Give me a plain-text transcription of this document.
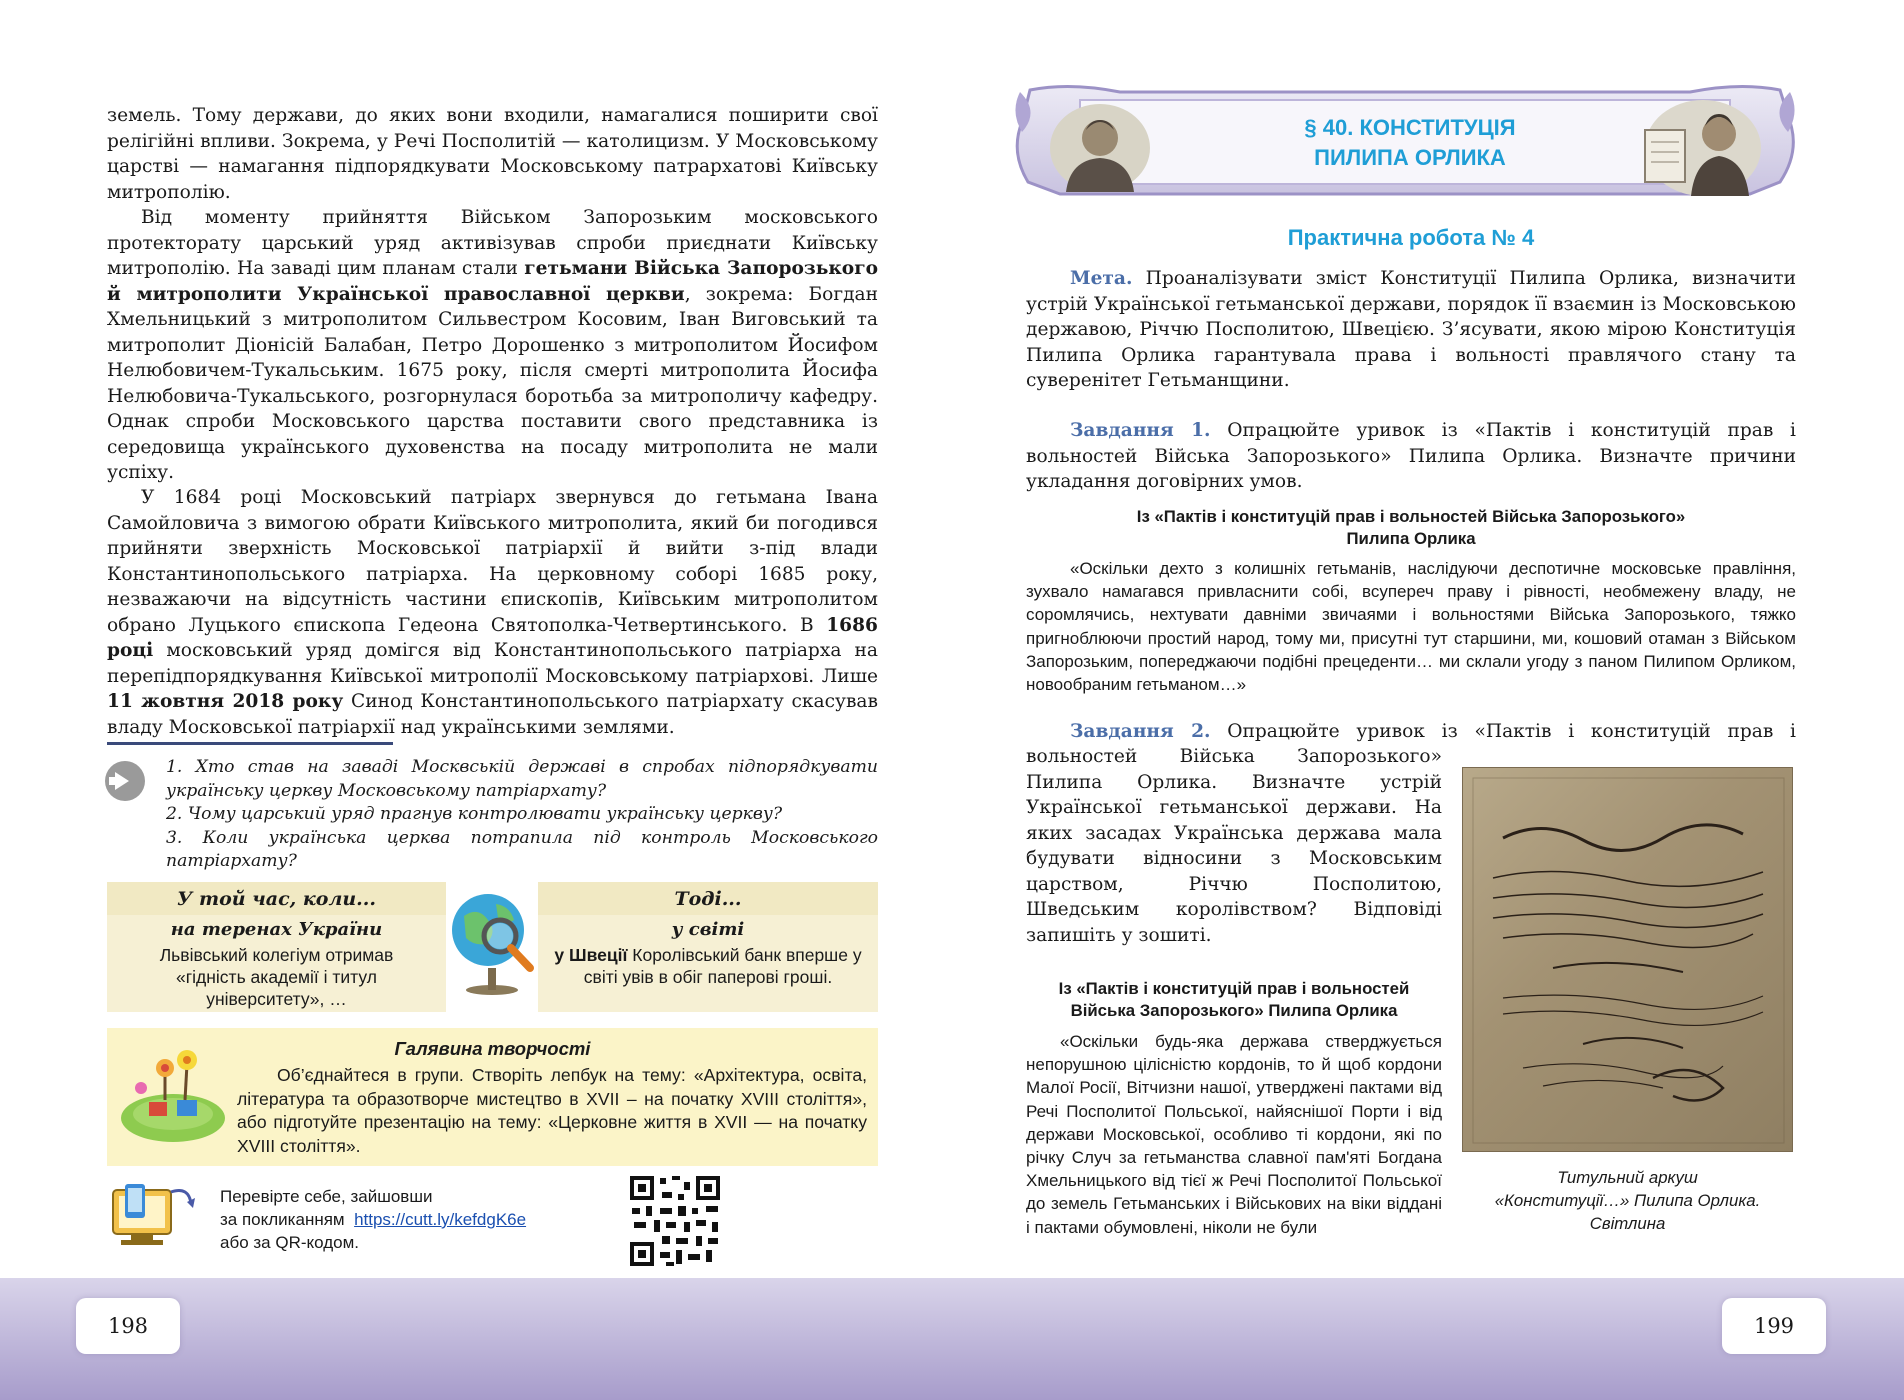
198	199
земель. Тому держави, до яких вони входили, намагалися поширити свої релігійні впливи. Зокрема, у Речі Посполитій — католицизм. У Московському царстві — намагання підпорядкувати Московському патрархатові Київську митрополію.
Від моменту прийняття Військом Запорозьким московського протекторату царський уряд активізував спроби приєднати Київську митрополію. На заваді цим планам стали гетьмани Війська Запорозького й митрополити Української православної церкви, зокрема: Богдан Хмельницький з митрополитом Сильвестром Косовим, Іван Виговський та митрополит Діонісій Балабан, Петро Дорошенко з митрополитом Йосифом Нелюбовичем-Тукальським. 1675 року, після смерті митрополита Йосифа Нелюбовича-Тукальського, розгорнулася боротьба за митрополичу кафедру. Однак спроби Московського царства поставити свого представника із середовища українського духовенства на посаду митрополита не мали успіху.
У 1684 році Московський патріарх звернувся до гетьмана Івана Самойловича з вимогою обрати Київського митрополита, який би погодився прийняти зверхність Московської патріархії й вийти з-під влади Константинопольського патріарха. На церковному соборі 1685 року, незважаючи на відсутність частини єпископів, Київським митрополитом обрано Луцького єпископа Гедеона Святополка-Четвертинського. В 1686 році московський уряд домігся від Константинопольського патріарха на перепідпорядкування Київської митрополії Московському патріархові. Лише 11 жовтня 2018 року Синод Константинопольського патріархату скасував владу Московської патріархії над українськими землями.
1. Хто став на заваді Москвській державі в спробах підпорядкувати українську церкву Московському патріархату?
2. Чому царський уряд прагнув контролювати українську церкву?
3. Коли українська церква потрапила під контроль Московського патріархату?
У той час, коли...
на теренах України
Львівський колегіум отримав «гідність академії і титул університету», …
Тоді...
у світі
у Швеції Королівський банк вперше у світі увів в обіг паперові гроші.
Галявина творчості
Об’єднайтеся в групи. Створіть лепбук на тему: «Архітектура, освіта, література та образотворче мистецтво в XVII – на початку XVIII століття», або підготуйте презентацію на тему: «Церковне життя в XVII — на початку XVIII століття».
Перевірте себе, зайшовши
за покликанням https://cutt.ly/kefdgK6e
або за QR-кодом.
§ 40. КОНСТИТУЦІЯ
ПИЛИПА ОРЛИКА
Практична робота № 4
Мета. Проаналізувати зміст Конституції Пилипа Орлика, визначити устрій Української гетьманської держави, порядок її взаємин із Московською державою, Річчю Посполитою, Швецією. З’ясувати, якою мірою Конституція Пилипа Орлика гарантувала права і вольності правлячого стану та суверенітет Гетьманщини.
Завдання 1. Опрацюйте уривок із «Пактів і конституцій прав і вольностей Війська Запорозького» Пилипа Орлика. Визначте причини укладання договірних умов.
Із «Пактів і конституцій прав і вольностей Війська Запорозького»
Пилипа Орлика
«Оскільки дехто з колишніх гетьманів, наслідуючи деспотичне московське правління, зухвало намагався привласнити собі, всупереч праву і рівності, необмежену владу, не соромлячись, нехтувати давніми звичаями і вольностями Війська Запорозького, тяжко пригноблюючи простий народ, тому ми, присутні тут старшини, ми, кошовий отаман з Військом Запорозьким, попереджаючи подібні прецеденти… ми склали угоду з паном Пилипом Орликом, новообраним гетьманом…»
Завдання 2. Опрацюйте уривок із «Пактів і конституцій прав і
вольностей Війська Запорозького» Пилипа Орлика. Визначте устрій Української гетьманської держави. На яких засадах Українська держава мала будувати відносини з Московським царством, Річчю Посполитою, Шведським королівством? Відповіді запишіть у зошиті.
Із «Пактів і конституцій прав і вольностей
Війська Запорозького» Пилипа Орлика
«Оскільки будь-яка держава стверджується непорушною цілісністю кордонів, то й щоб кордони Малої Росії, Вітчизни нашої, утверджені пактами від Речі Посполитої Польської, найяснішої Порти і від держави Московської, особливо ті кордони, які по річку Случ за гетьманства славної пам'яті Богдана Хмельницького від тієї ж Речі Посполитої Польської до земель Гетьманських і Військових на віки віддані і пактами обумовлені, ніколи не були
Титульний аркуш
«Конституції…» Пилипа Орлика.
Світлина
